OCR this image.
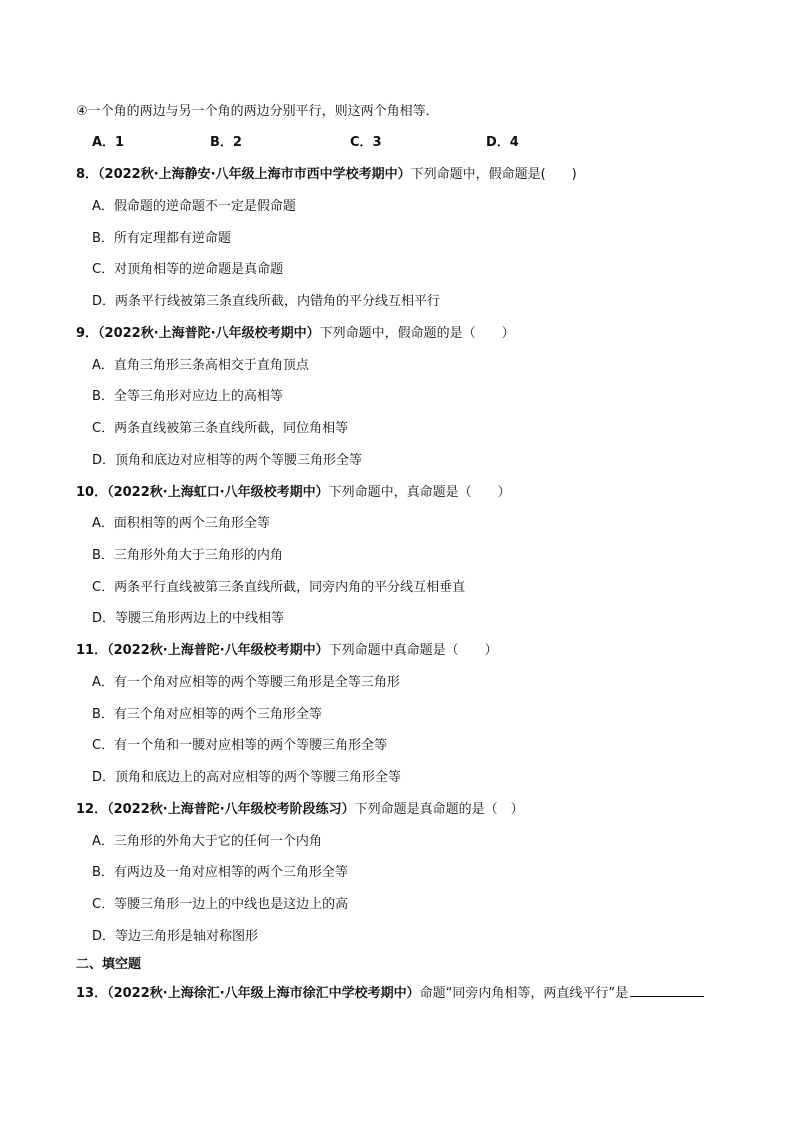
④一个角的两边与另一个角的两边分别平行，则这两个角相等．
A．1	B．2	C．3	D．4
8．（2022秋·上海静安·八年级上海市市西中学校考期中）下列命题中，假命题是(　　)
A．假命题的逆命题不一定是假命题
B．所有定理都有逆命题
C．对顶角相等的逆命题是真命题
D．两条平行线被第三条直线所截，内错角的平分线互相平行
9．（2022秋·上海普陀·八年级校考期中）下列命题中，假命题的是（　　）
A．直角三角形三条高相交于直角顶点
B．全等三角形对应边上的高相等
C．两条直线被第三条直线所截，同位角相等
D．顶角和底边对应相等的两个等腰三角形全等
10．（2022秋·上海虹口·八年级校考期中）下列命题中，真命题是（　　）
A．面积相等的两个三角形全等
B．三角形外角大于三角形的内角
C．两条平行直线被第三条直线所截，同旁内角的平分线互相垂直
D．等腰三角形两边上的中线相等
11．（2022秋·上海普陀·八年级校考期中）下列命题中真命题是（　　）
A．有一个角对应相等的两个等腰三角形是全等三角形
B．有三个角对应相等的两个三角形全等
C．有一个角和一腰对应相等的两个等腰三角形全等
D．顶角和底边上的高对应相等的两个等腰三角形全等
12．（2022秋·上海普陀·八年级校考阶段练习）下列命题是真命题的是（　）
A．三角形的外角大于它的任何一个内角
B．有两边及一角对应相等的两个三角形全等
C．等腰三角形一边上的中线也是这边上的高
D．等边三角形是轴对称图形
二、填空题
13．（2022秋·上海徐汇·八年级上海市徐汇中学校考期中）命题“同旁内角相等，两直线平行”是
